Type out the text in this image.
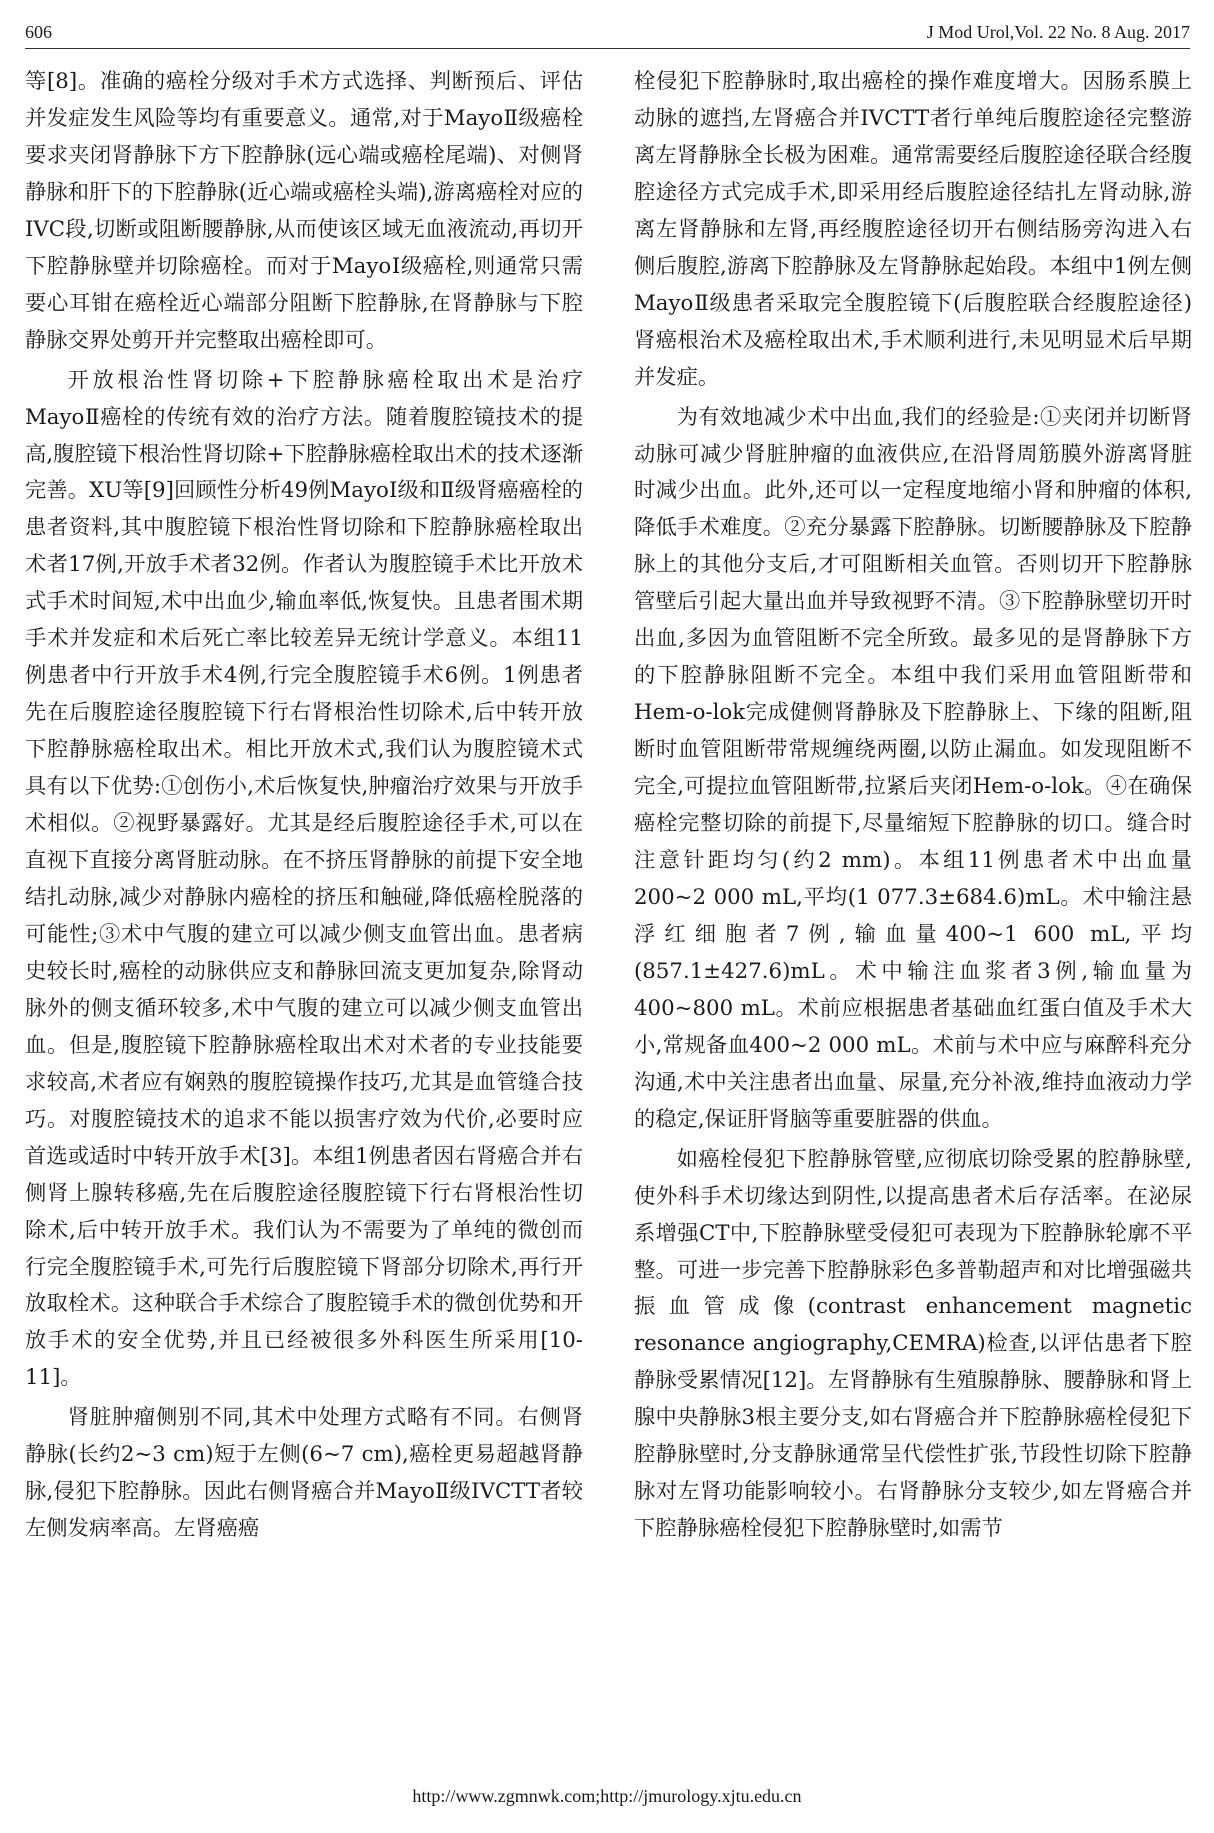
606	J Mod Urol,Vol. 22 No. 8 Aug. 2017

等[8]。准确的癌栓分级对手术方式选择、判断预后、评估并发症发生风险等均有重要意义。通常,对于MayoⅡ级癌栓要求夹闭肾静脉下方下腔静脉(远心端或癌栓尾端)、对侧肾静脉和肝下的下腔静脉(近心端或癌栓头端),游离癌栓对应的IVC段,切断或阻断腰静脉,从而使该区域无血液流动,再切开下腔静脉壁并切除癌栓。而对于MayoⅠ级癌栓,则通常只需要心耳钳在癌栓近心端部分阻断下腔静脉,在肾静脉与下腔静脉交界处剪开并完整取出癌栓即可。

开放根治性肾切除+下腔静脉癌栓取出术是治疗MayoⅡ癌栓的传统有效的治疗方法。随着腹腔镜技术的提高,腹腔镜下根治性肾切除+下腔静脉癌栓取出术的技术逐渐完善。XU等[9]回顾性分析49例MayoⅠ级和Ⅱ级肾癌癌栓的患者资料,其中腹腔镜下根治性肾切除和下腔静脉癌栓取出术者17例,开放手术者32例。作者认为腹腔镜手术比开放术式手术时间短,术中出血少,输血率低,恢复快。且患者围术期手术并发症和术后死亡率比较差异无统计学意义。本组11例患者中行开放手术4例,行完全腹腔镜手术6例。1例患者先在后腹腔途径腹腔镜下行右肾根治性切除术,后中转开放下腔静脉癌栓取出术。相比开放术式,我们认为腹腔镜术式具有以下优势:①创伤小,术后恢复快,肿瘤治疗效果与开放手术相似。②视野暴露好。尤其是经后腹腔途径手术,可以在直视下直接分离肾脏动脉。在不挤压肾静脉的前提下安全地结扎动脉,减少对静脉内癌栓的挤压和触碰,降低癌栓脱落的可能性;③术中气腹的建立可以减少侧支血管出血。患者病史较长时,癌栓的动脉供应支和静脉回流支更加复杂,除肾动脉外的侧支循环较多,术中气腹的建立可以减少侧支血管出血。但是,腹腔镜下腔静脉癌栓取出术对术者的专业技能要求较高,术者应有娴熟的腹腔镜操作技巧,尤其是血管缝合技巧。对腹腔镜技术的追求不能以损害疗效为代价,必要时应首选或适时中转开放手术[3]。本组1例患者因右肾癌合并右侧肾上腺转移癌,先在后腹腔途径腹腔镜下行右肾根治性切除术,后中转开放手术。我们认为不需要为了单纯的微创而行完全腹腔镜手术,可先行后腹腔镜下肾部分切除术,再行开放取栓术。这种联合手术综合了腹腔镜手术的微创优势和开放手术的安全优势,并且已经被很多外科医生所采用[10-11]。

肾脏肿瘤侧别不同,其术中处理方式略有不同。右侧肾静脉(长约2~3 cm)短于左侧(6~7 cm),癌栓更易超越肾静脉,侵犯下腔静脉。因此右侧肾癌合并MayoⅡ级IVCTT者较左侧发病率高。左肾癌癌

栓侵犯下腔静脉时,取出癌栓的操作难度增大。因肠系膜上动脉的遮挡,左肾癌合并IVCTT者行单纯后腹腔途径完整游离左肾静脉全长极为困难。通常需要经后腹腔途径联合经腹腔途径方式完成手术,即采用经后腹腔途径结扎左肾动脉,游离左肾静脉和左肾,再经腹腔途径切开右侧结肠旁沟进入右侧后腹腔,游离下腔静脉及左肾静脉起始段。本组中1例左侧MayoⅡ级患者采取完全腹腔镜下(后腹腔联合经腹腔途径)肾癌根治术及癌栓取出术,手术顺利进行,未见明显术后早期并发症。

为有效地减少术中出血,我们的经验是:①夹闭并切断肾动脉可减少肾脏肿瘤的血液供应,在沿肾周筋膜外游离肾脏时减少出血。此外,还可以一定程度地缩小肾和肿瘤的体积,降低手术难度。②充分暴露下腔静脉。切断腰静脉及下腔静脉上的其他分支后,才可阻断相关血管。否则切开下腔静脉管壁后引起大量出血并导致视野不清。③下腔静脉壁切开时出血,多因为血管阻断不完全所致。最多见的是肾静脉下方的下腔静脉阻断不完全。本组中我们采用血管阻断带和Hem-o-lok完成健侧肾静脉及下腔静脉上、下缘的阻断,阻断时血管阻断带常规缠绕两圈,以防止漏血。如发现阻断不完全,可提拉血管阻断带,拉紧后夹闭Hem-o-lok。④在确保癌栓完整切除的前提下,尽量缩短下腔静脉的切口。缝合时注意针距均匀(约2 mm)。本组11例患者术中出血量200~2 000 mL,平均(1 077.3±684.6)mL。术中输注悬浮红细胞者7例,输血量400~1 600 mL,平均(857.1±427.6)mL。术中输注血浆者3例,输血量为400~800 mL。术前应根据患者基础血红蛋白值及手术大小,常规备血400~2 000 mL。术前与术中应与麻醉科充分沟通,术中关注患者出血量、尿量,充分补液,维持血液动力学的稳定,保证肝肾脑等重要脏器的供血。

如癌栓侵犯下腔静脉管壁,应彻底切除受累的腔静脉壁,使外科手术切缘达到阴性,以提高患者术后存活率。在泌尿系增强CT中,下腔静脉壁受侵犯可表现为下腔静脉轮廓不平整。可进一步完善下腔静脉彩色多普勒超声和对比增强磁共振血管成像(contrast enhancement magnetic resonance angiography,CEMRA)检查,以评估患者下腔静脉受累情况[12]。左肾静脉有生殖腺静脉、腰静脉和肾上腺中央静脉3根主要分支,如右肾癌合并下腔静脉癌栓侵犯下腔静脉壁时,分支静脉通常呈代偿性扩张,节段性切除下腔静脉对左肾功能影响较小。右肾静脉分支较少,如左肾癌合并下腔静脉癌栓侵犯下腔静脉壁时,如需节

http://www.zgmnwk.com;http://jmurology.xjtu.edu.cn
